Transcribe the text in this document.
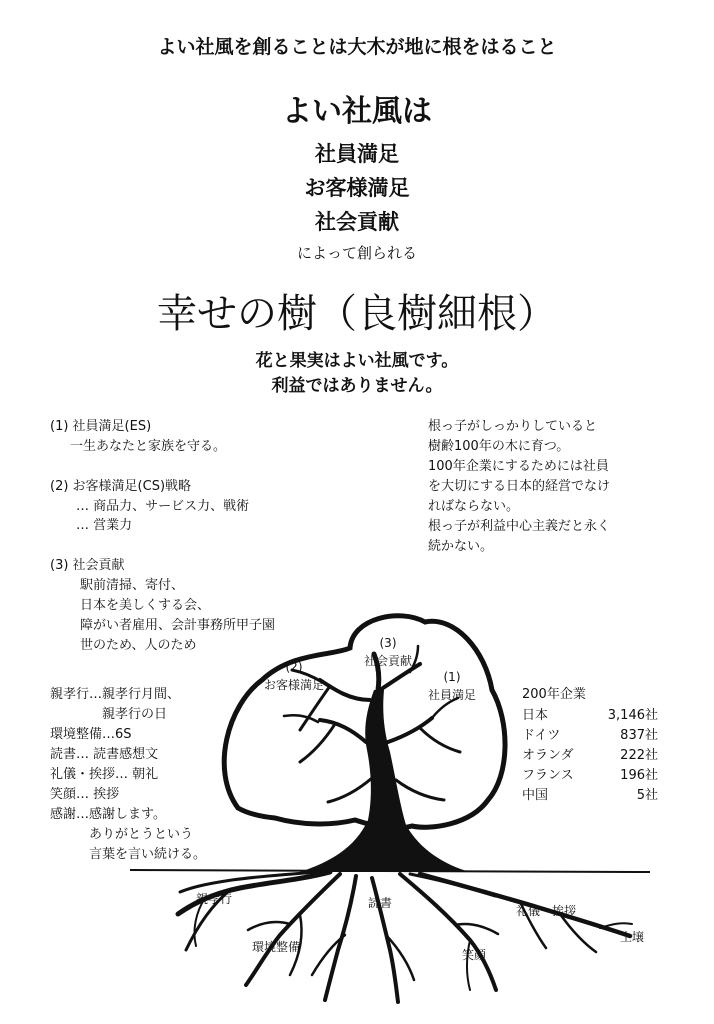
よい社風を創ることは大木が地に根をはること
よい社風は
社員満足
お客様満足
社会貢献
によって創られる
幸せの樹（良樹細根）
花と果実はよい社風です。
利益ではありません。
(1) 社員満足(ES)
一生あなたと家族を守る。
(2) お客様満足(CS)戦略
… 商品力、サービス力、戦術
… 営業力
(3) 社会貢献
駅前清掃、寄付、
日本を美しくする会、
障がい者雇用、会計事務所甲子園
世のため、人のため
根っ子がしっかりしていると
樹齢100年の木に育つ。
100年企業にするためには社員
を大切にする日本的経営でなけ
ればならない。
根っ子が利益中心主義だと永く
続かない。
(2)
お客様満足
(3)
社会貢献
(1)
社員満足
親孝行…親孝行月間、
　　　　親孝行の日
環境整備…6S
読書… 読書感想文
礼儀・挨拶… 朝礼
笑顔… 挨拶
感謝…感謝します。
　　　ありがとうという
　　　言葉を言い続ける。
200年企業
日本	3,146社
ドイツ	837社
オランダ	222社
フランス	196社
中国	5社
親孝行
環境整備
読書
笑顔
礼儀・挨拶
土壌
